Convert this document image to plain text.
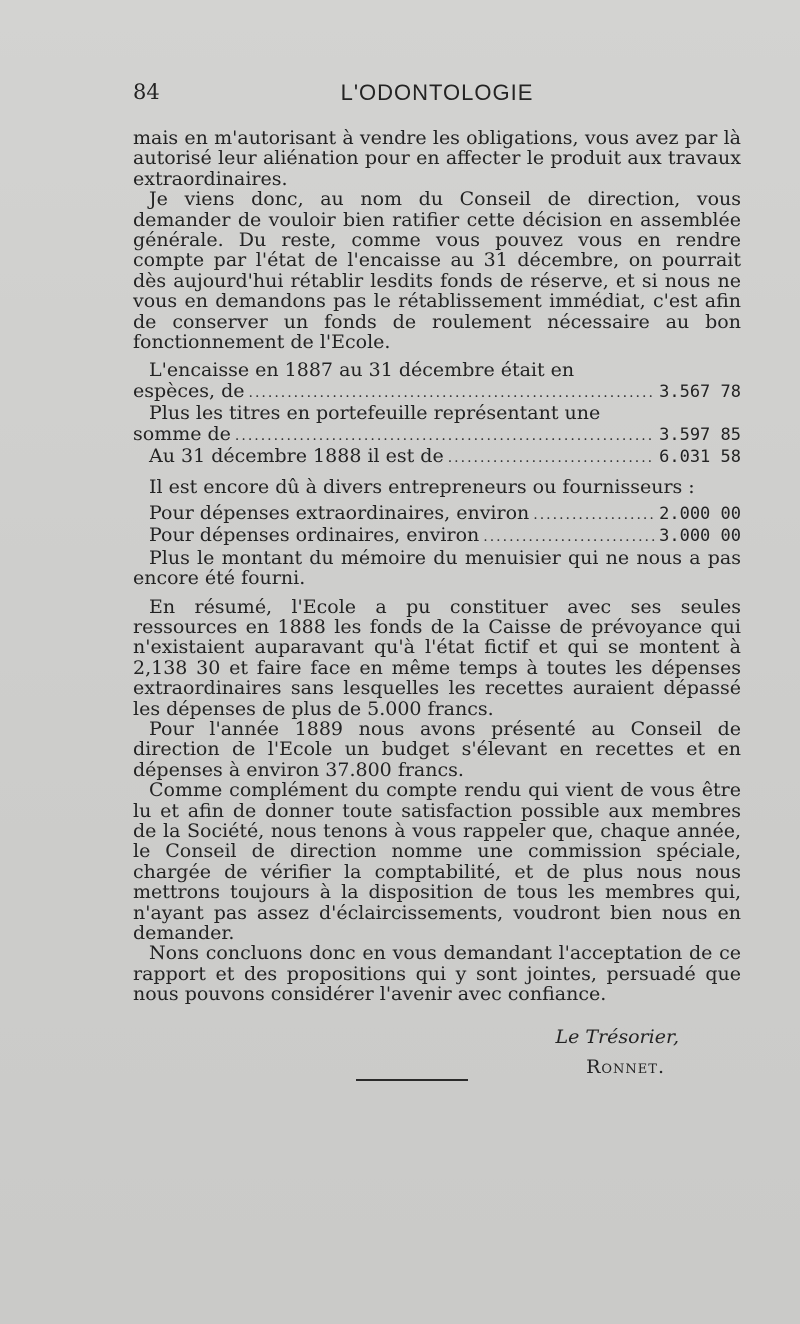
84	L'ODONTOLOGIE

mais en m'autorisant à vendre les obligations, vous avez par là autorisé leur aliénation pour en affecter le produit aux travaux extraordinaires.

Je viens donc, au nom du Conseil de direction, vous demander de vouloir bien ratifier cette décision en assemblée générale. Du reste, comme vous pouvez vous en rendre compte par l'état de l'encaisse au 31 décembre, on pourrait dès aujourd'hui rétablir lesdits fonds de réserve, et si nous ne vous en demandons pas le rétablissement immédiat, c'est afin de conserver un fonds de roulement nécessaire au bon fonctionnement de l'Ecole.

L'encaisse en 1887 au 31 décembre était en

espèces, de .....	3.567 78

Plus les titres en portefeuille représentant une

somme de .....	3.597 85
Au 31 décembre 1888 il est de .....	6.031 58

Il est encore dû à divers entrepreneurs ou fournisseurs :

Pour dépenses extraordinaires, environ .....	2.000 00
Pour dépenses ordinaires, environ .....	3.000 00

Plus le montant du mémoire du menuisier qui ne nous a pas encore été fourni.

En résumé, l'Ecole a pu constituer avec ses seules ressources en 1888 les fonds de la Caisse de prévoyance qui n'existaient auparavant qu'à l'état fictif et qui se montent à 2,138 30 et faire face en même temps à toutes les dépenses extraordinaires sans lesquelles les recettes auraient dépassé les dépenses de plus de 5.000 francs.

Pour l'année 1889 nous avons présenté au Conseil de direction de l'Ecole un budget s'élevant en recettes et en dépenses à environ 37.800 francs.

Comme complément du compte rendu qui vient de vous être lu et afin de donner toute satisfaction possible aux membres de la Société, nous tenons à vous rappeler que, chaque année, le Conseil de direction nomme une commission spéciale, chargée de vérifier la comptabilité, et de plus nous nous mettrons toujours à la disposition de tous les membres qui, n'ayant pas assez d'éclaircissements, voudront bien nous en demander.

Nons concluons donc en vous demandant l'acceptation de ce rapport et des propositions qui y sont jointes, persuadé que nous pouvons considérer l'avenir avec confiance.

Le Trésorier,
Ronnet.
